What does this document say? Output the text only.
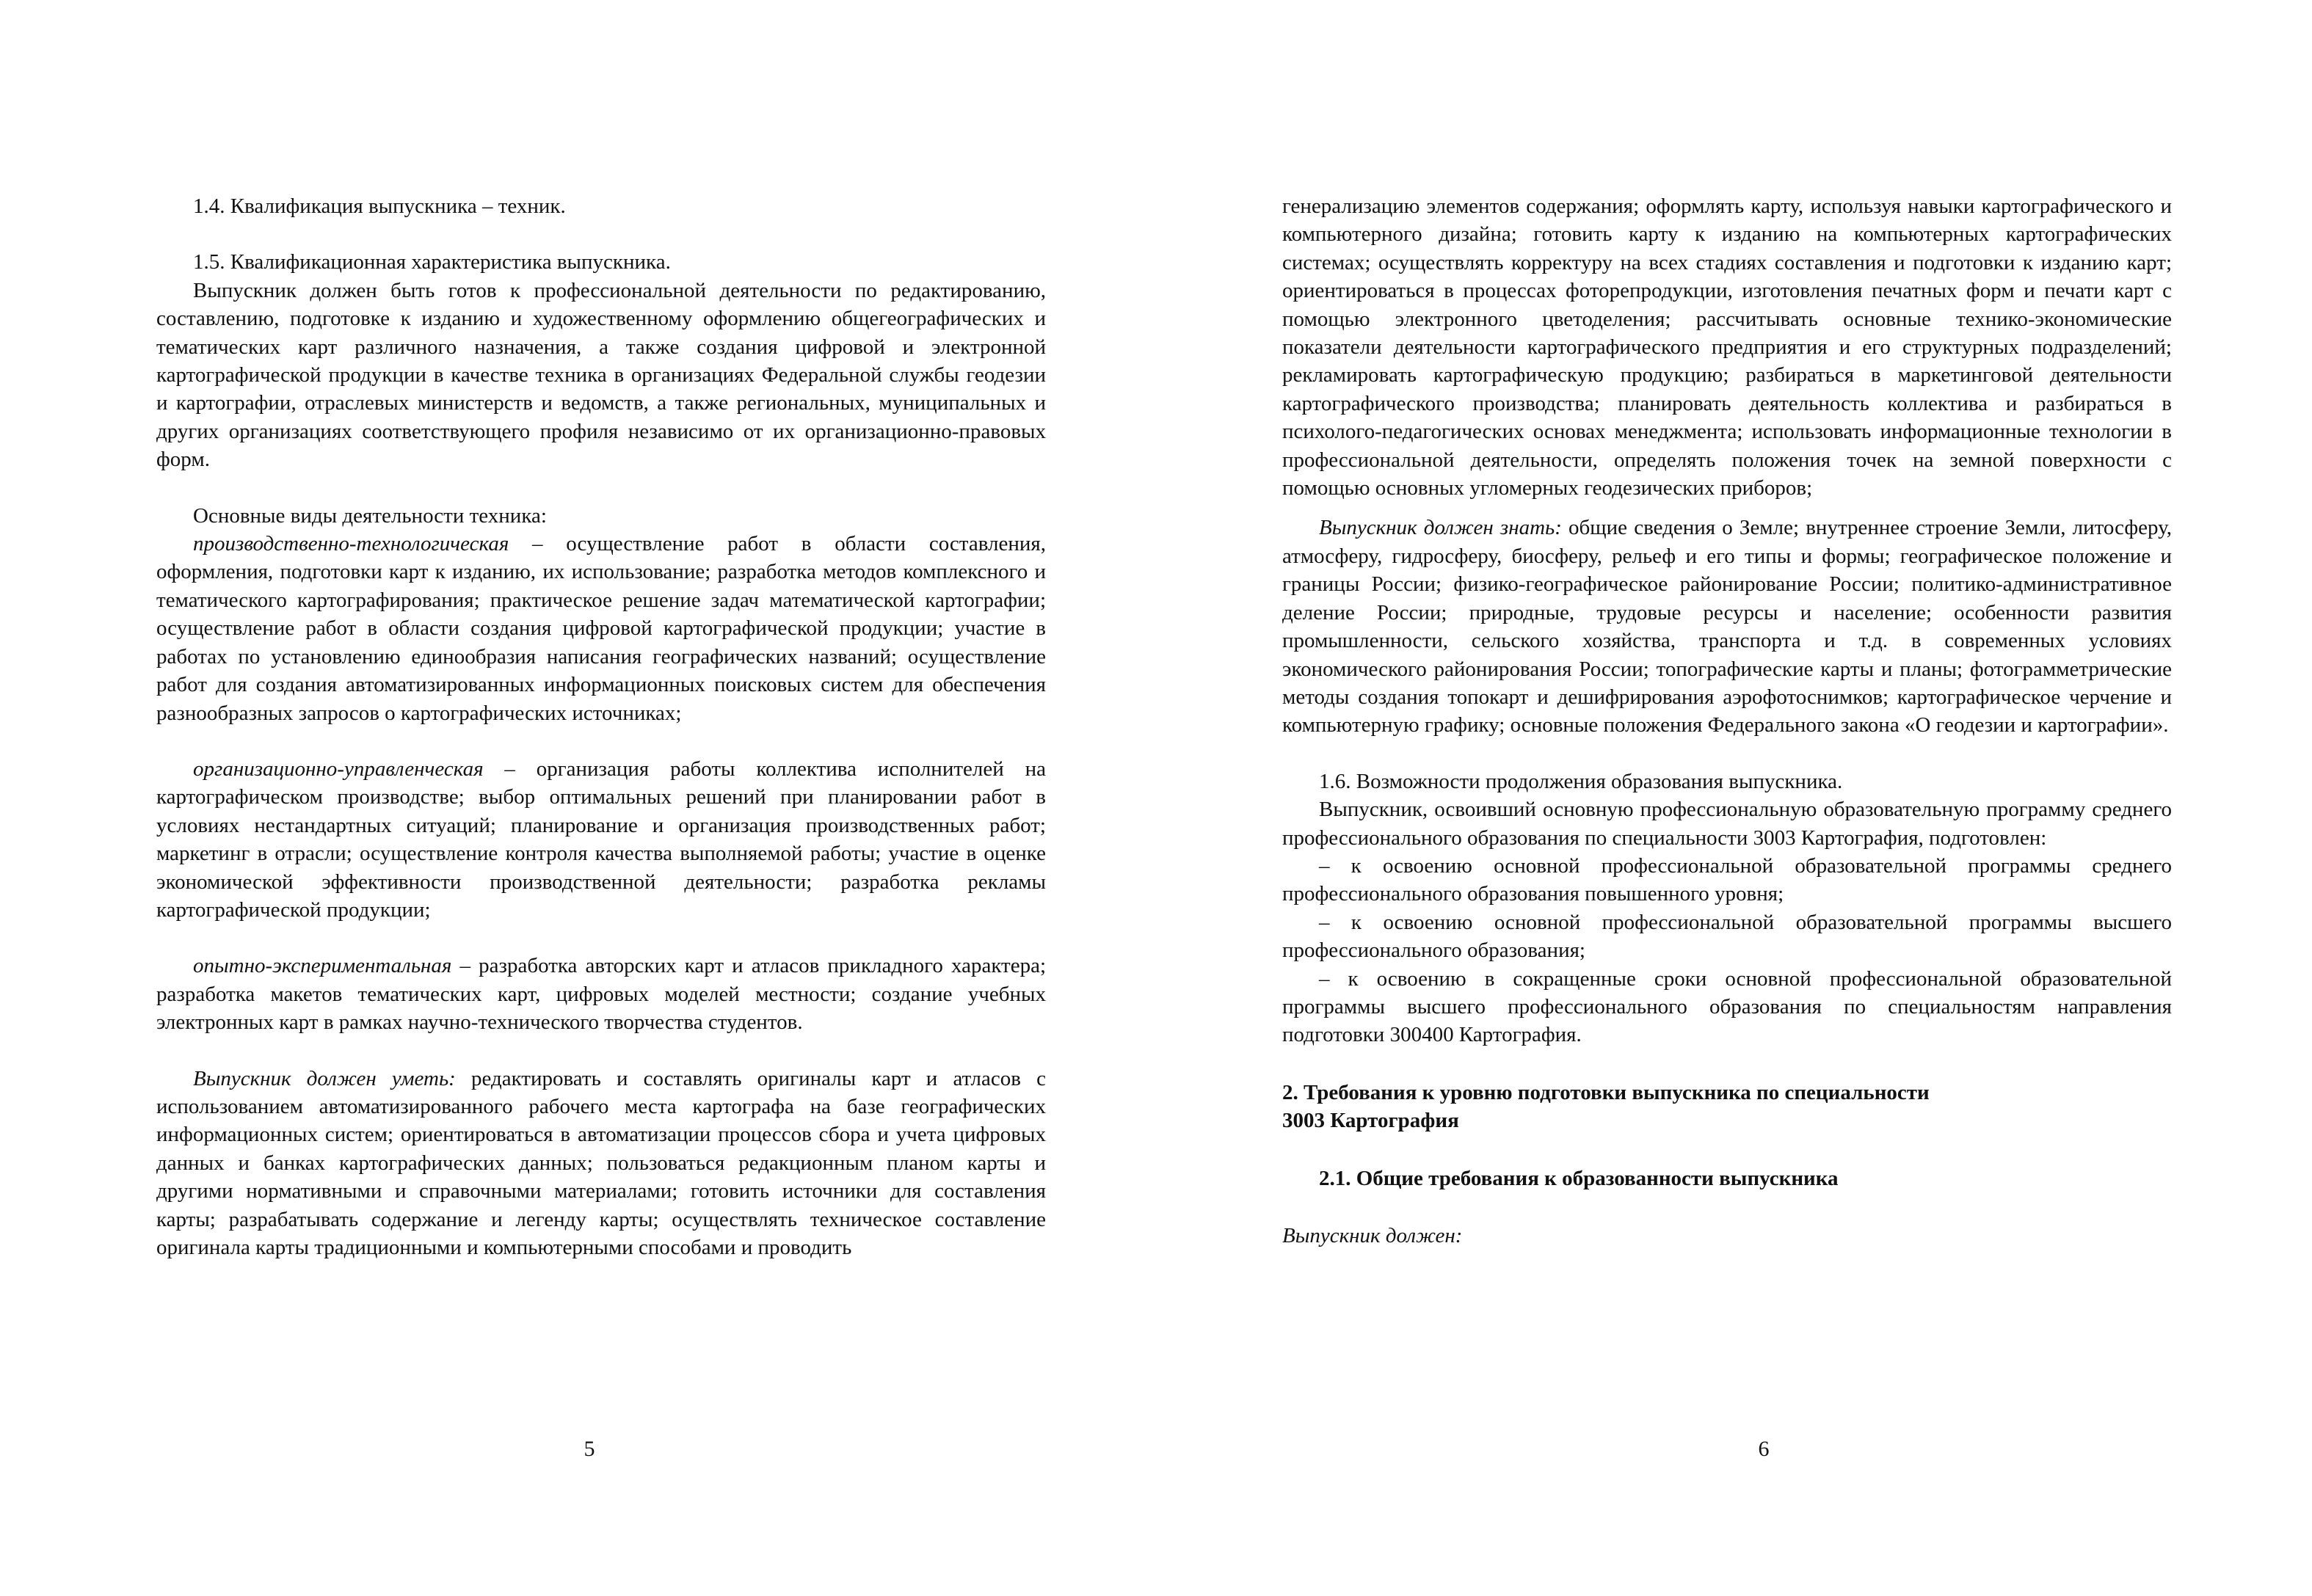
1.4. Квалификация выпускника – техник.

1.5. Квалификационная характеристика выпускника.

Выпускник должен быть готов к профессиональной деятельности по редактированию, составлению, подготовке к изданию и художественному оформлению общегеографических и тематических карт различного назначения, а также создания цифровой и электронной картографической продукции в качестве техника в организациях Федеральной службы геодезии и картографии, отраслевых министерств и ведомств, а также региональных, муниципальных и других организациях соответствующего профиля независимо от их организационно-правовых форм.

Основные виды деятельности техника:

производственно-технологическая – осуществление работ в области составления, оформления, подготовки карт к изданию, их использование; разработка методов комплексного и тематического картографирования; практическое решение задач математической картографии; осуществление работ в области создания цифровой картографической продукции; участие в работах по установлению единообразия написания географических названий; осуществление работ для создания автоматизированных информационных поисковых систем для обеспечения разнообразных запросов о картографических источниках;

организационно-управленческая – организация работы коллектива исполнителей на картографическом производстве; выбор оптимальных решений при планировании работ в условиях нестандартных ситуаций; планирование и организация производственных работ; маркетинг в отрасли; осуществление контроля качества выполняемой работы; участие в оценке экономической эффективности производственной деятельности; разработка рекламы картографической продукции;

опытно-экспериментальная – разработка авторских карт и атласов прикладного характера; разработка макетов тематических карт, цифровых моделей местности; создание учебных электронных карт в рамках научно-технического творчества студентов.

Выпускник должен уметь: редактировать и составлять оригиналы карт и атласов с использованием автоматизированного рабочего места картографа на базе географических информационных систем; ориентироваться в автоматизации процессов сбора и учета цифровых данных и банках картографических данных; пользоваться редакционным планом карты и другими нормативными и справочными материалами; готовить источники для составления карты; разрабатывать содержание и легенду карты; осуществлять техническое составление оригинала карты традиционными и компьютерными способами и проводить

5

генерализацию элементов содержания; оформлять карту, используя навыки картографического и компьютерного дизайна; готовить карту к изданию на компьютерных картографических системах; осуществлять корректуру на всех стадиях составления и подготовки к изданию карт; ориентироваться в процессах фоторепродукции, изготовления печатных форм и печати карт с помощью электронного цветоделения; рассчитывать основные технико-экономические показатели деятельности картографического предприятия и его структурных подразделений; рекламировать картографическую продукцию; разбираться в маркетинговой деятельности картографического производства; планировать деятельность коллектива и разбираться в психолого-педагогических основах менеджмента; использовать информационные технологии в профессиональной деятельности, определять положения точек на земной поверхности с помощью основных угломерных геодезических приборов;

Выпускник должен знать: общие сведения о Земле; внутреннее строение Земли, литосферу, атмосферу, гидросферу, биосферу, рельеф и его типы и формы; географическое положение и границы России; физико-географическое районирование России; политико-административное деление России; природные, трудовые ресурсы и население; особенности развития промышленности, сельского хозяйства, транспорта и т.д. в современных условиях экономического районирования России; топографические карты и планы; фотограмметрические методы создания топокарт и дешифрирования аэрофотоснимков; картографическое черчение и компьютерную графику; основные положения Федерального закона «О геодезии и картографии».

1.6. Возможности продолжения образования выпускника.

Выпускник, освоивший основную профессиональную образовательную программу среднего профессионального образования по специальности 3003 Картография, подготовлен:

– к освоению основной профессиональной образовательной программы среднего профессионального образования повышенного уровня;

– к освоению основной профессиональной образовательной программы высшего профессионального образования;

– к освоению в сокращенные сроки основной профессиональной образовательной программы высшего профессионального образования по специальностям направления подготовки 300400 Картография.

2. Требования к уровню подготовки выпускника по специальности

3003 Картография

2.1. Общие требования к образованности выпускника

Выпускник должен:

6
